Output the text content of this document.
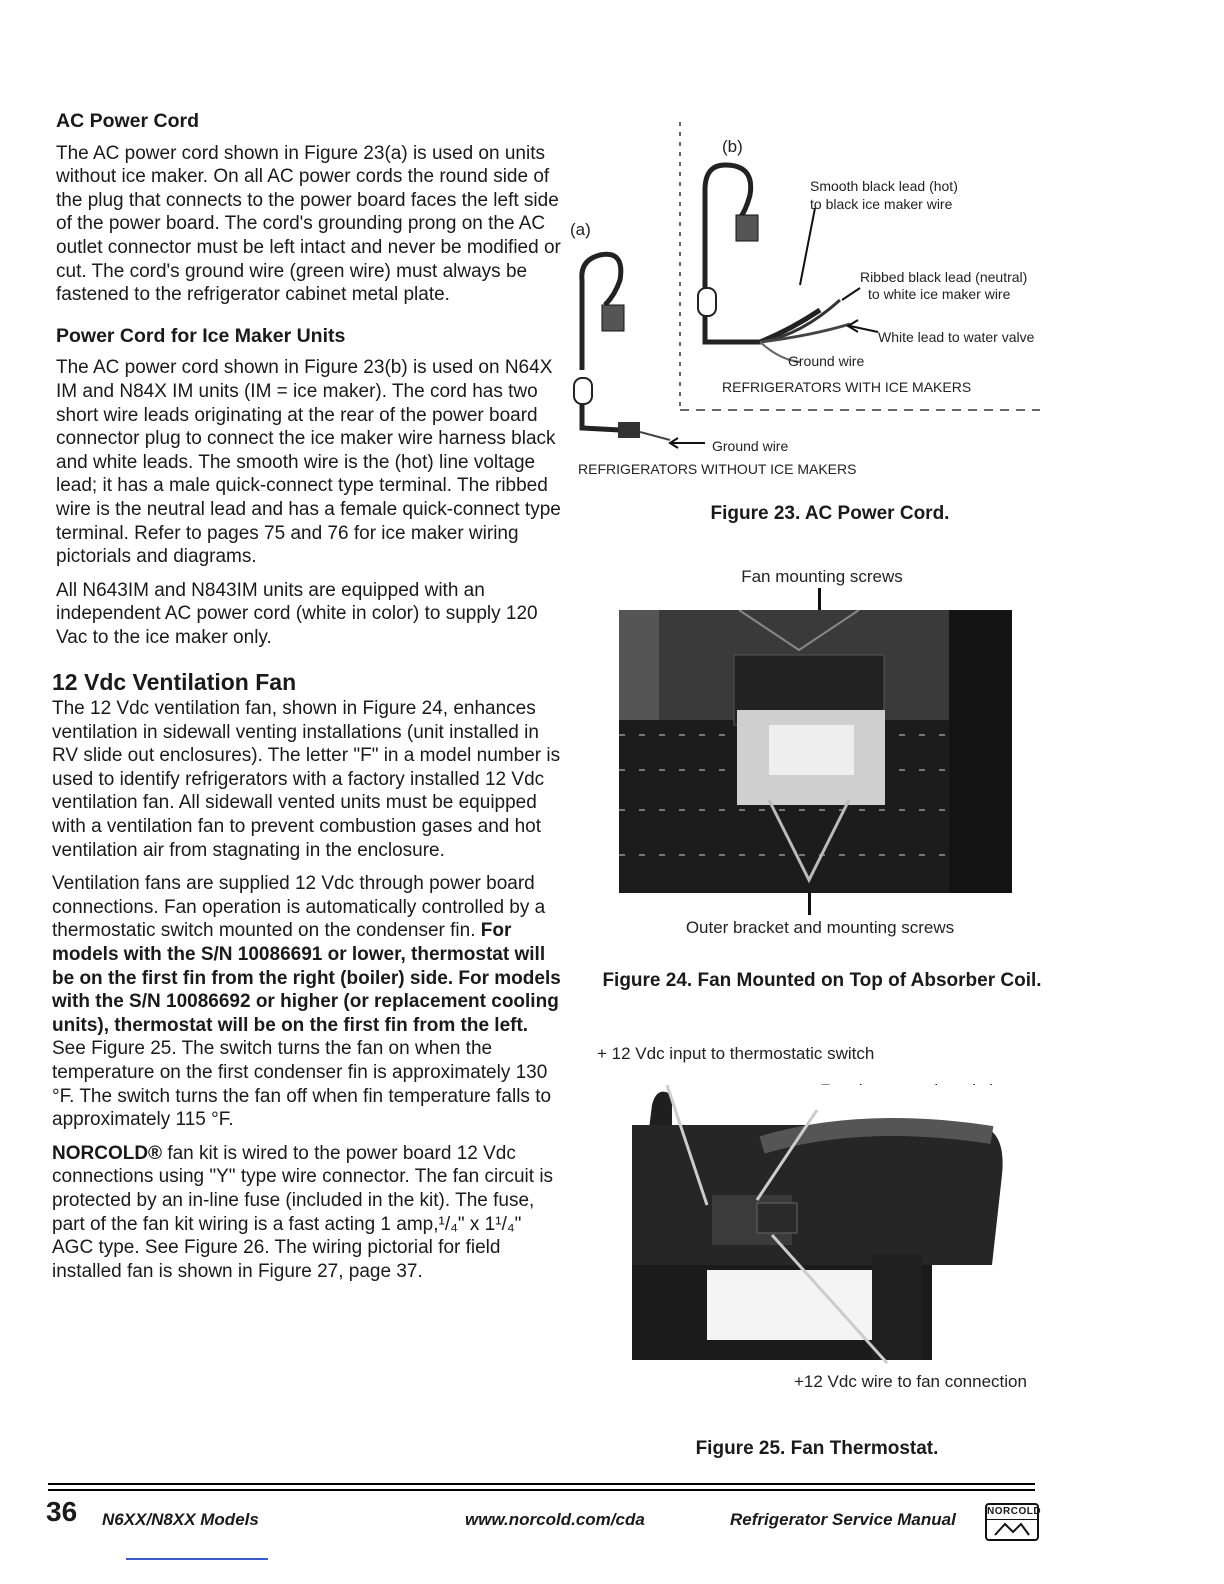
AC Power Cord

The AC power cord shown in Figure 23(a) is used on units without ice maker. On all AC power cords the round side of the plug that connects to the power board faces the left side of the power board. The cord's grounding prong on the AC outlet connector must be left intact and never be modified or cut. The cord's ground wire (green wire) must always be fastened to the refrigerator cabinet metal plate.

Power Cord for Ice Maker Units

The AC power cord shown in Figure 23(b) is used on N64X IM and N84X IM units (IM = ice maker). The cord has two short wire leads originating at the rear of the power board connector plug to connect the ice maker wire harness black and white leads. The smooth wire is the (hot) line voltage lead; it has a male quick-connect type terminal. The ribbed wire is the neutral lead and has a female quick-connect type terminal. Refer to pages 75 and 76 for ice maker wiring pictorials and diagrams.

All N643IM and N843IM units are equipped with an independent AC power cord (white in color) to supply 120 Vac to the ice maker only.

12 Vdc Ventilation Fan

The 12 Vdc ventilation fan, shown in Figure 24, enhances ventilation in sidewall venting installations (unit installed in RV slide out enclosures). The letter "F" in a model number is used to identify refrigerators with a factory installed 12 Vdc ventilation fan. All sidewall vented units must be equipped with a ventilation fan to prevent combustion gases and hot ventilation air from stagnating in the enclosure.

Ventilation fans are supplied 12 Vdc through power board connections. Fan operation is automatically controlled by a thermostatic switch mounted on the condenser fin. For models with the S/N 10086691 or lower, thermostat will be on the first fin from the right (boiler) side. For models with the S/N 10086692 or higher (or replacement cooling units), thermostat will be on the first fin from the left. See Figure 25. The switch turns the fan on when the temperature on the first condenser fin is approximately 130 °F. The switch turns the fan off when fin temperature falls to approximately 115 °F.

NORCOLD® fan kit is wired to the power board 12 Vdc connections using "Y" type wire connector. The fan circuit is protected by an in-line fuse (included in the kit). The fuse, part of the fan kit wiring is a fast acting 1 amp,¹/₄" x 1¹/₄" AGC type. See Figure 26. The wiring pictorial for field installed fan is shown in Figure 27, page 37.

(a)
(b)
Smooth black lead (hot)
to black ice maker wire
Ribbed black lead (neutral)
to white ice maker wire
White lead to water valve
Ground wire
REFRIGERATORS WITH ICE MAKERS
Ground wire
REFRIGERATORS WITHOUT ICE MAKERS
Figure 23. AC Power Cord.
Fan mounting screws
Outer bracket and mounting screws
Figure 24. Fan Mounted on Top of Absorber Coil.
+ 12 Vdc input to thermostatic switch
+12 Vdc wire to fan connection
Figure 25. Fan Thermostat.
36 N6XX/N8XX Models	www.norcold.com/cda	Refrigerator Service Manual	NORCOLD
